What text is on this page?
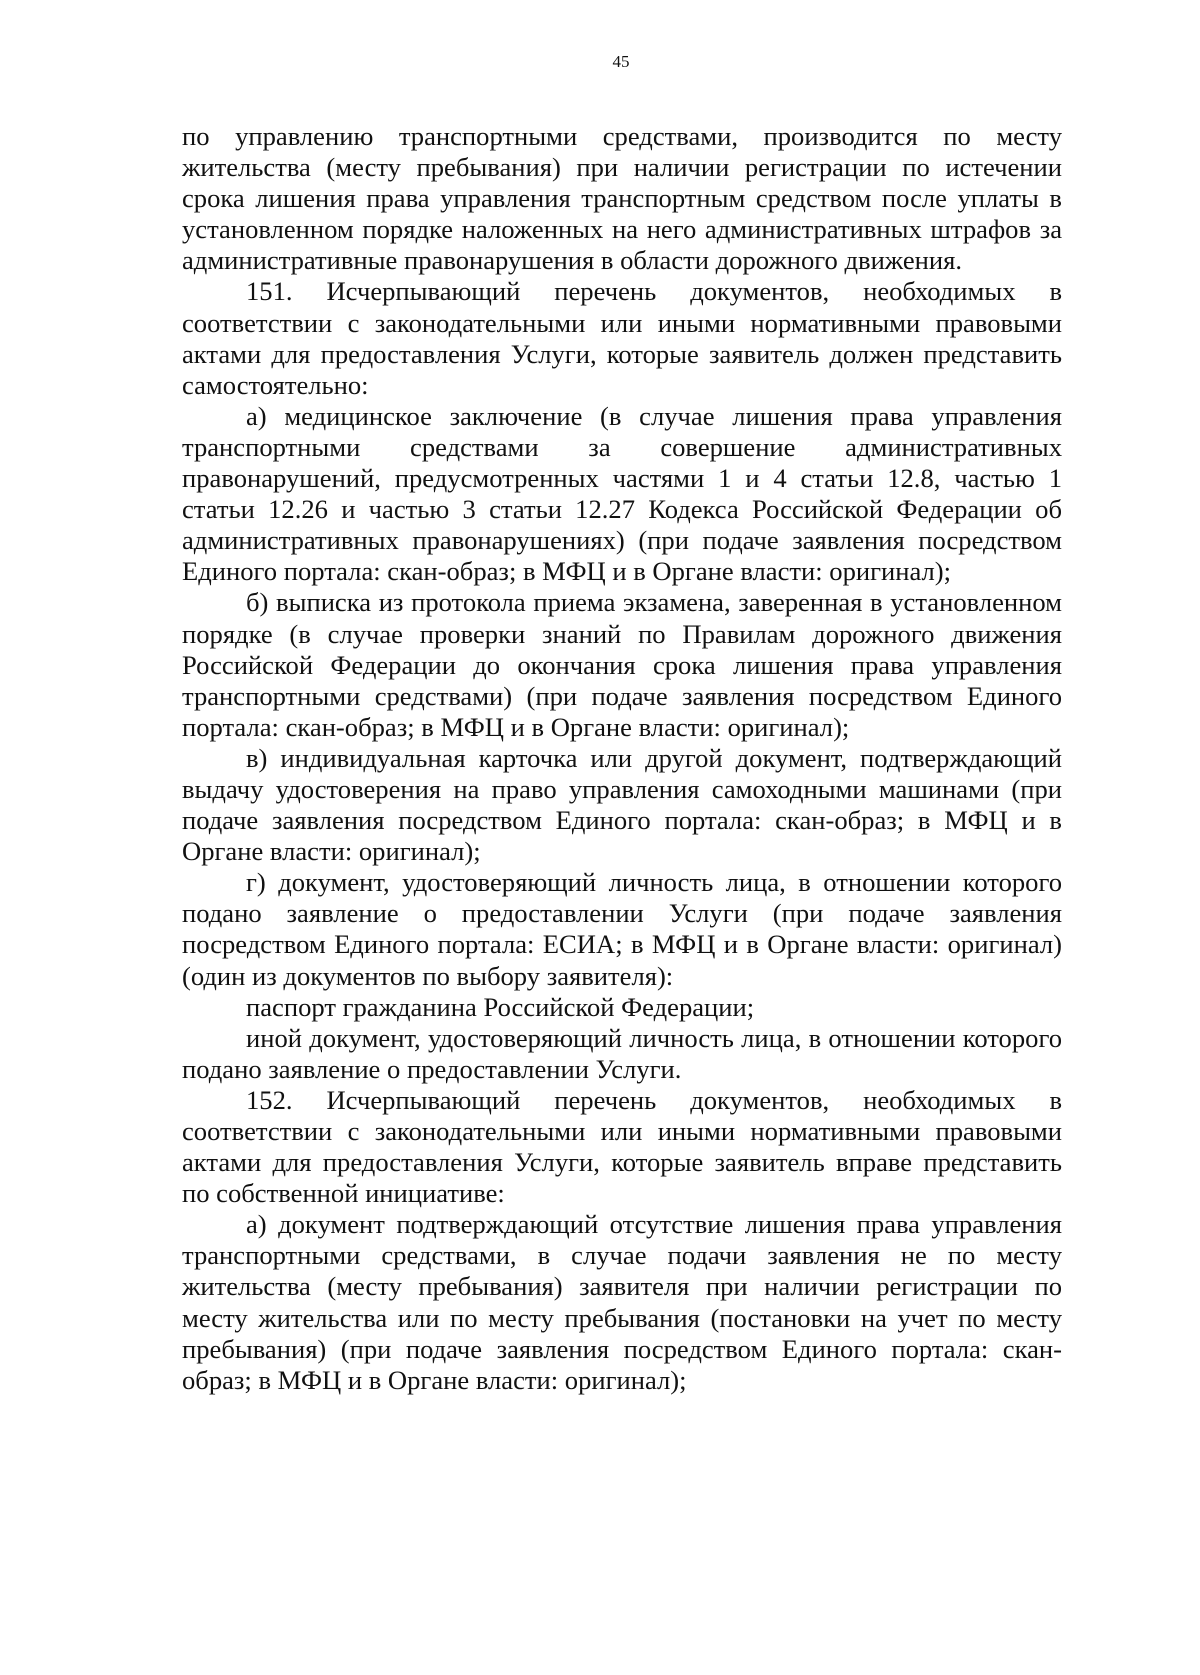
45

по управлению транспортными средствами, производится по месту жительства (месту пребывания) при наличии регистрации по истечении срока лишения права управления транспортным средством после уплаты в установленном порядке наложенных на него административных штрафов за административные правонарушения в области дорожного движения.

151. Исчерпывающий перечень документов, необходимых в соответствии с законодательными или иными нормативными правовыми актами для предоставления Услуги, которые заявитель должен представить самостоятельно:

а) медицинское заключение (в случае лишения права управления транспортными средствами за совершение административных правонарушений, предусмотренных частями 1 и 4 статьи 12.8, частью 1 статьи 12.26 и частью 3 статьи 12.27 Кодекса Российской Федерации об административных правонарушениях) (при подаче заявления посредством Единого портала: скан-образ; в МФЦ и в Органе власти: оригинал);

б) выписка из протокола приема экзамена, заверенная в установленном порядке (в случае проверки знаний по Правилам дорожного движения Российской Федерации до окончания срока лишения права управления транспортными средствами) (при подаче заявления посредством Единого портала: скан-образ; в МФЦ и в Органе власти: оригинал);

в) индивидуальная карточка или другой документ, подтверждающий выдачу удостоверения на право управления самоходными машинами (при подаче заявления посредством Единого портала: скан-образ; в МФЦ и в Органе власти: оригинал);

г) документ, удостоверяющий личность лица, в отношении которого подано заявление о предоставлении Услуги (при подаче заявления посредством Единого портала: ЕСИА; в МФЦ и в Органе власти: оригинал) (один из документов по выбору заявителя):

паспорт гражданина Российской Федерации;

иной документ, удостоверяющий личность лица, в отношении которого подано заявление о предоставлении Услуги.

152. Исчерпывающий перечень документов, необходимых в соответствии с законодательными или иными нормативными правовыми актами для предоставления Услуги, которые заявитель вправе представить по собственной инициативе:

а) документ подтверждающий отсутствие лишения права управления транспортными средствами, в случае подачи заявления не по месту жительства (месту пребывания) заявителя при наличии регистрации по месту жительства или по месту пребывания (постановки на учет по месту пребывания) (при подаче заявления посредством Единого портала: скан-образ; в МФЦ и в Органе власти: оригинал);
